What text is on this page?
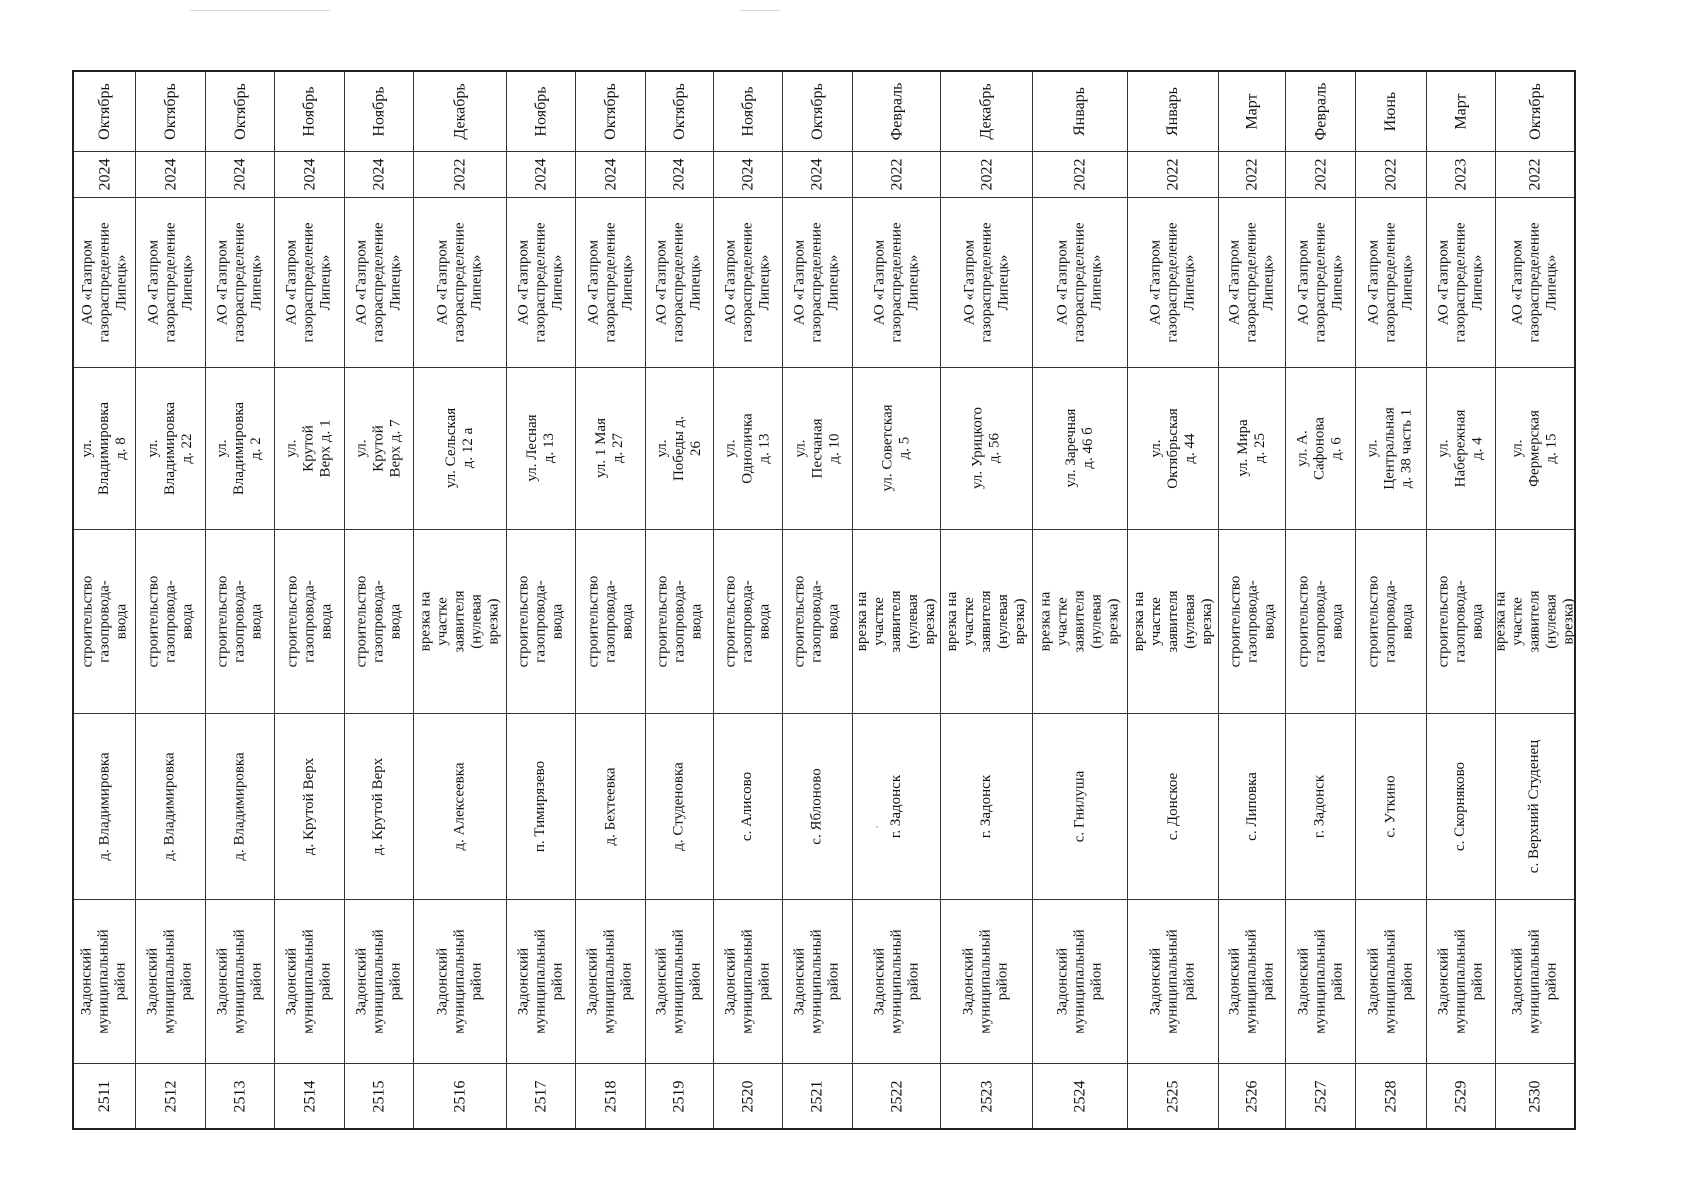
Октябрь	Октябрь	Октябрь	Ноябрь	Ноябрь	Декабрь	Ноябрь	Октябрь	Октябрь	Ноябрь	Октябрь	Февраль	Декабрь	Январь	Январь	Март	Февраль	Июнь	Март	Октябрь

2024	2024	2024	2024	2024	2022	2024	2024	2024	2024	2024	2022	2022	2022	2022	2022	2022	2022	2023	2022

АО «Газпром газораспределение Липецк»	АО «Газпром газораспределение Липецк»	АО «Газпром газораспределение Липецк»	АО «Газпром газораспределение Липецк»	АО «Газпром газораспределение Липецк»	АО «Газпром газораспределение Липецк»	АО «Газпром газораспределение Липецк»	АО «Газпром газораспределение Липецк»	АО «Газпром газораспределение Липецк»	АО «Газпром газораспределение Липецк»	АО «Газпром газораспределение Липецк»	АО «Газпром газораспределение Липецк»	АО «Газпром газораспределение Липецк»	АО «Газпром газораспределение Липецк»	АО «Газпром газораспределение Липецк»	АО «Газпром газораспределение Липецк»	АО «Газпром газораспределение Липецк»	АО «Газпром газораспределение Липецк»	АО «Газпром газораспределение Липецк»	АО «Газпром газораспределение Липецк»

ул. Владимировка д. 8	ул. Владимировка д. 22	ул. Владимировка д. 2	ул. Крутой Верх д. 1	ул. Крутой Верх д. 7	ул. Сельская д. 12 а	ул. Лесная д. 13	ул. 1 Мая д. 27	ул. Победы д. 26	ул. Одноличка д. 13	ул. Песчаная д. 10	ул. Советская д. 5	ул. Урицкого д. 56	ул. Заречная д. 46 б	ул. Октябрьская д. 44	ул. Мира д. 25	ул. А. Сафонова д. 6	ул. Центральная д. 38 часть 1	ул. Набережная д. 4	ул. Фермерская д. 15

строительство газопровода-ввода	строительство газопровода-ввода	строительство газопровода-ввода	строительство газопровода-ввода	строительство газопровода-ввода	врезка на участке заявителя (нулевая врезка)	строительство газопровода-ввода	строительство газопровода-ввода	строительство газопровода-ввода	строительство газопровода-ввода	строительство газопровода-ввода	врезка на участке заявителя (нулевая врезка)	врезка на участке заявителя (нулевая врезка)	врезка на участке заявителя (нулевая врезка)	врезка на участке заявителя (нулевая врезка)	строительство газопровода-ввода	строительство газопровода-ввода	строительство газопровода-ввода	строительство газопровода-ввода	врезка на участке заявителя (нулевая врезка)

д. Владимировка	д. Владимировка	д. Владимировка	д. Крутой Верх	д. Крутой Верх	д. Алексеевка	п. Тимирязево	д. Бехтеевка	д. Студеновка	с. Алисово	с. Яблоново	г. Задонск	г. Задонск	с. Гнилуша	с. Донское	с. Липовка	г. Задонск	с. Уткино	с. Скорняково	с. Верхний Студенец

Задонский муниципальный район	Задонский муниципальный район	Задонский муниципальный район	Задонский муниципальный район	Задонский муниципальный район	Задонский муниципальный район	Задонский муниципальный район	Задонский муниципальный район	Задонский муниципальный район	Задонский муниципальный район	Задонский муниципальный район	Задонский муниципальный район	Задонский муниципальный район	Задонский муниципальный район	Задонский муниципальный район	Задонский муниципальный район	Задонский муниципальный район	Задонский муниципальный район	Задонский муниципальный район	Задонский муниципальный район

2511	2512	2513	2514	2515	2516	2517	2518	2519	2520	2521	2522	2523	2524	2525	2526	2527	2528	2529	2530
